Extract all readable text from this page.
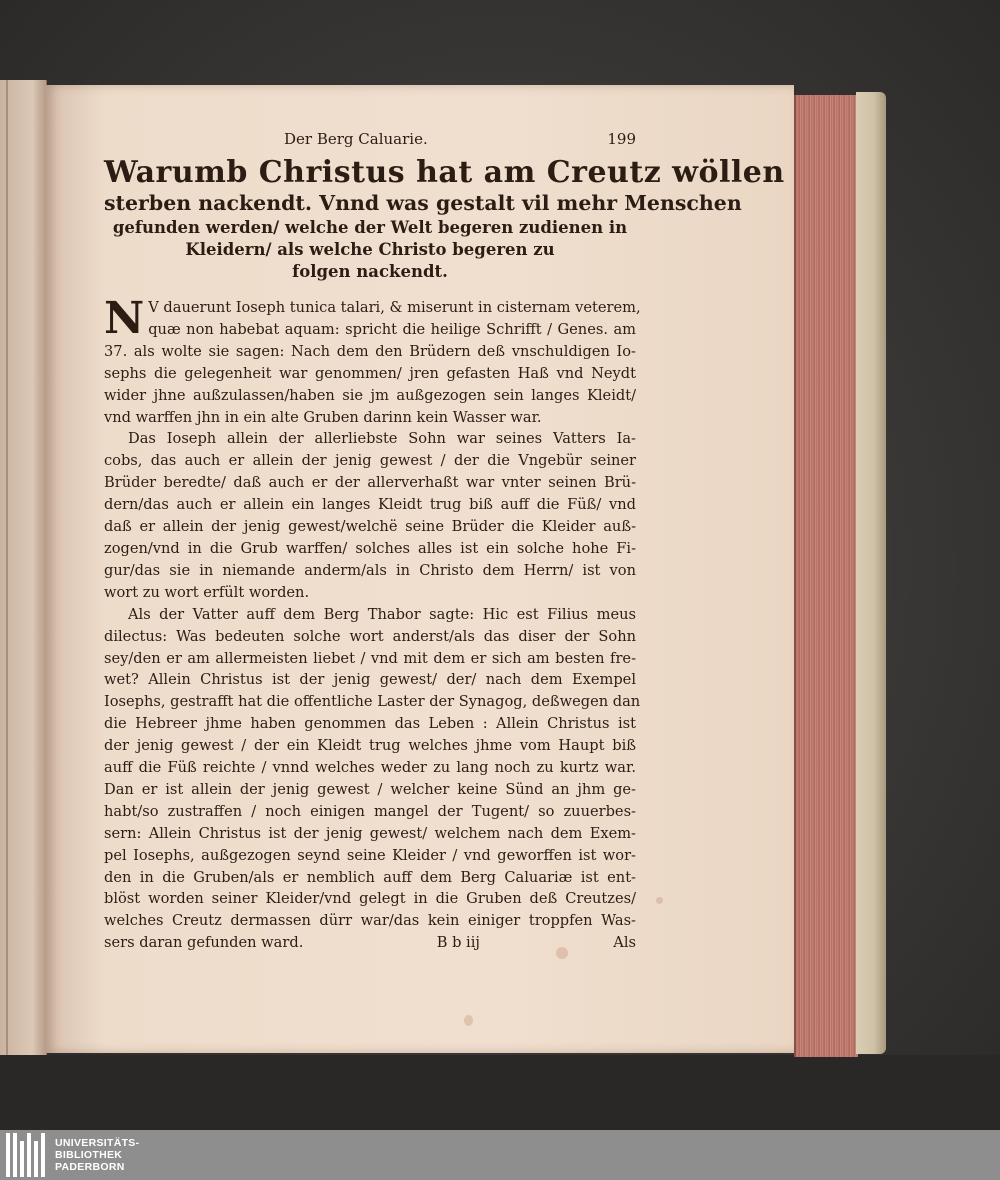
Der Berg Caluarie.	199
Warumb Christus hat am Creutz wöllen
sterben nackendt. Vnnd was gestalt vil mehr Menschen
gefunden werden/ welche der Welt begeren zudienen in
Kleidern/ als welche Christo begeren zu
folgen nackendt.
N V dauerunt Ioseph tunica talari, & miserunt in cisternam veterem,
quæ non habebat aquam: spricht die heilige Schrifft / Genes. am
37. als wolte sie sagen: Nach dem den Brüdern deß vnschuldigen Io-
sephs die gelegenheit war genommen/ jren gefasten Haß vnd Neydt
wider jhne außzulassen/haben sie jm außgezogen sein langes Kleidt/
vnd warffen jhn in ein alte Gruben darinn kein Wasser war.
Das Ioseph allein der allerliebste Sohn war seines Vatters Ia-
cobs, das auch er allein der jenig gewest / der die Vngebür seiner
Brüder beredte/ daß auch er der allerverhaßt war vnter seinen Brü-
dern/das auch er allein ein langes Kleidt trug biß auff die Füß/ vnd
daß er allein der jenig gewest/welchë seine Brüder die Kleider auß-
zogen/vnd in die Grub warffen/ solches alles ist ein solche hohe Fi-
gur/das sie in niemande anderm/als in Christo dem Herrn/ ist von
wort zu wort erfült worden.
Als der Vatter auff dem Berg Thabor sagte: Hic est Filius meus
dilectus: Was bedeuten solche wort anderst/als das diser der Sohn
sey/den er am allermeisten liebet / vnd mit dem er sich am besten fre-
wet? Allein Christus ist der jenig gewest/ der/ nach dem Exempel
Iosephs, gestrafft hat die offentliche Laster der Synagog, deßwegen dan
die Hebreer jhme haben genommen das Leben : Allein Christus ist
der jenig gewest / der ein Kleidt trug welches jhme vom Haupt biß
auff die Füß reichte / vnnd welches weder zu lang noch zu kurtz war.
Dan er ist allein der jenig gewest / welcher keine Sünd an jhm ge-
habt/so zustraffen / noch einigen mangel der Tugent/ so zuuerbes-
sern: Allein Christus ist der jenig gewest/ welchem nach dem Exem-
pel Iosephs, außgezogen seynd seine Kleider / vnd geworffen ist wor-
den in die Gruben/als er nemblich auff dem Berg Caluariæ ist ent-
blöst worden seiner Kleider/vnd gelegt in die Gruben deß Creutzes/
welches Creutz dermassen dürr war/das kein einiger troppfen Was-
sers daran gefunden ward.	B b iij	Als
UNIVERSITÄTS-
BIBLIOTHEK
PADERBORN
